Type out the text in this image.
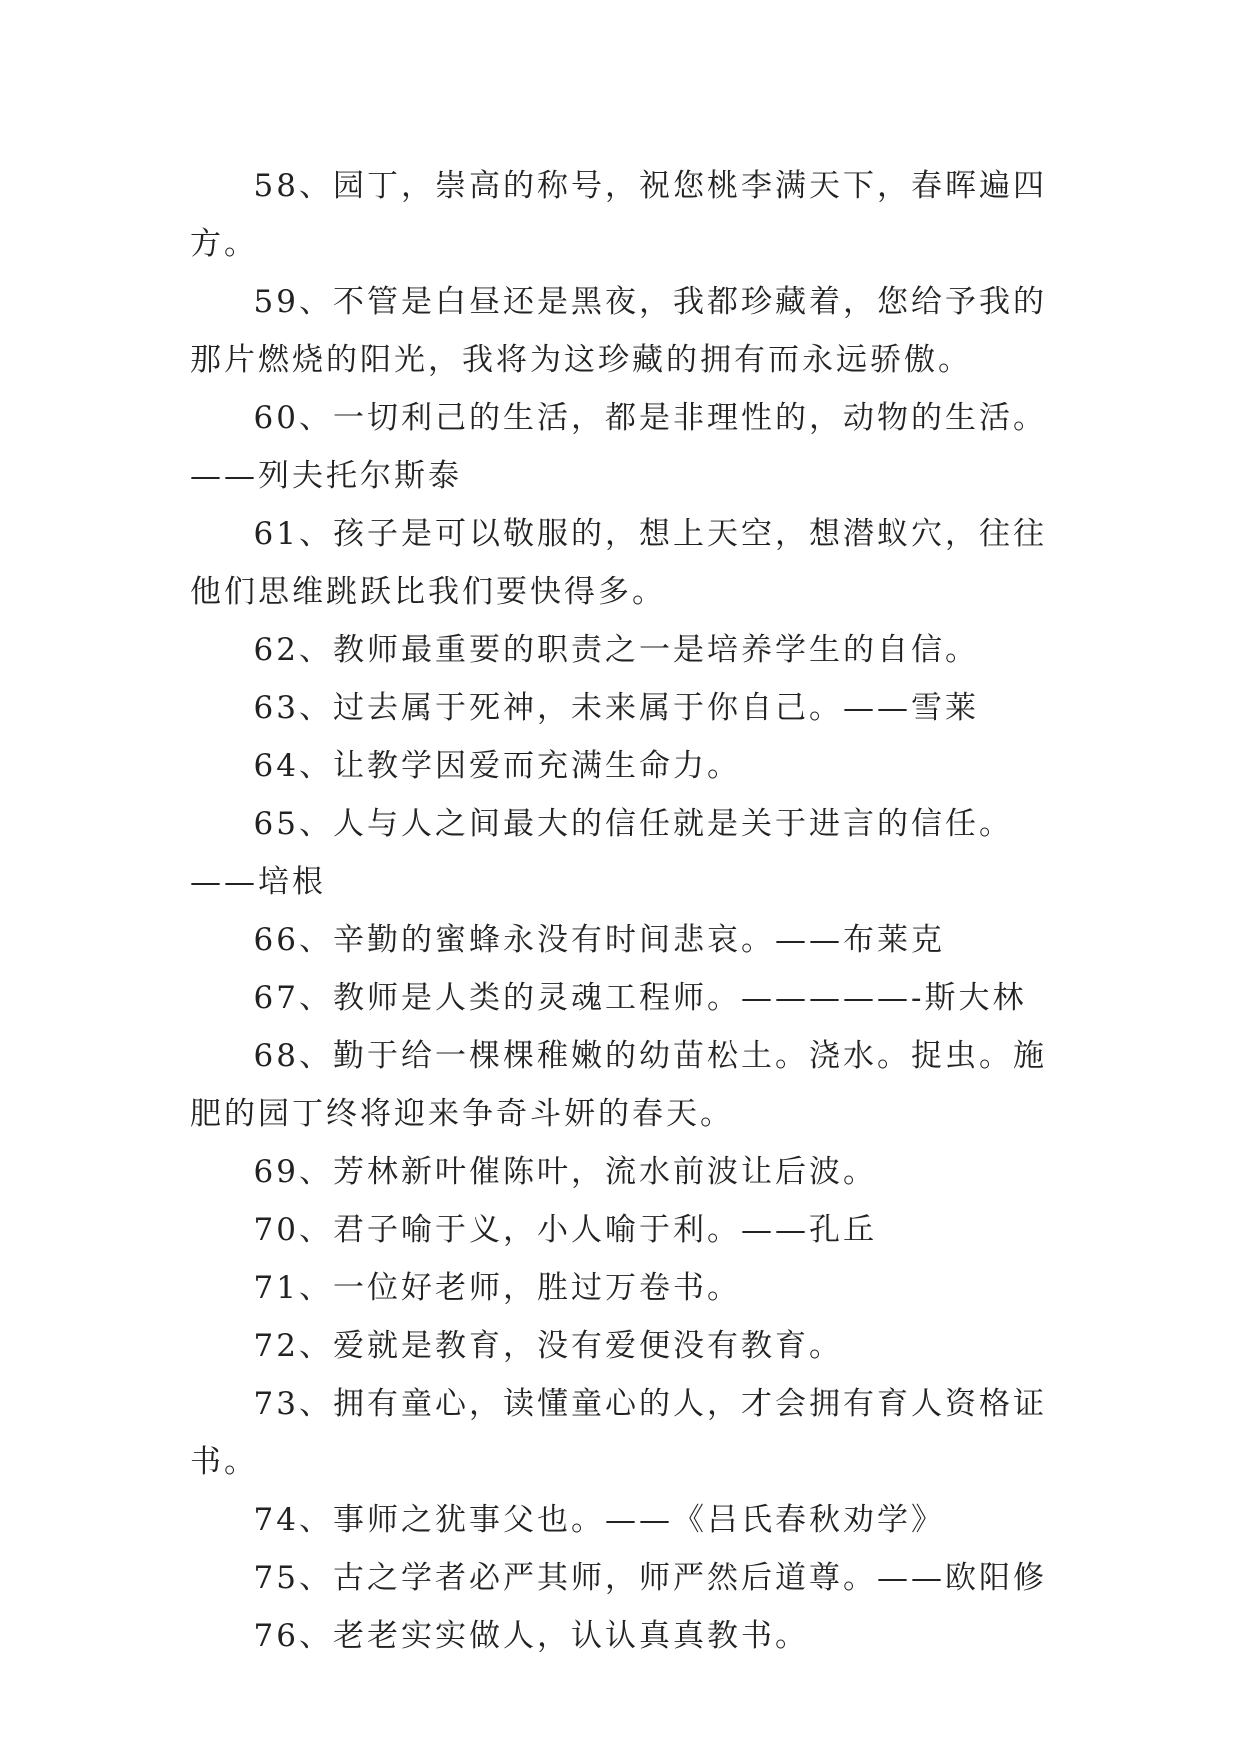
58、园丁，崇高的称号，祝您桃李满天下，春晖遍四方。

59、不管是白昼还是黑夜，我都珍藏着，您给予我的那片燃烧的阳光，我将为这珍藏的拥有而永远骄傲。

60、一切利己的生活，都是非理性的，动物的生活。——列夫托尔斯泰

61、孩子是可以敬服的，想上天空，想潜蚁穴，往往他们思维跳跃比我们要快得多。

62、教师最重要的职责之一是培养学生的自信。

63、过去属于死神，未来属于你自己。——雪莱

64、让教学因爱而充满生命力。

65、人与人之间最大的信任就是关于进言的信任。——培根

66、辛勤的蜜蜂永没有时间悲哀。——布莱克

67、教师是人类的灵魂工程师。—————-斯大林

68、勤于给一棵棵稚嫩的幼苗松土。浇水。捉虫。施肥的园丁终将迎来争奇斗妍的春天。

69、芳林新叶催陈叶，流水前波让后波。

70、君子喻于义，小人喻于利。——孔丘

71、一位好老师，胜过万卷书。

72、爱就是教育，没有爱便没有教育。

73、拥有童心，读懂童心的人，才会拥有育人资格证书。

74、事师之犹事父也。——《吕氏春秋劝学》

75、古之学者必严其师，师严然后道尊。——欧阳修

76、老老实实做人，认认真真教书。
